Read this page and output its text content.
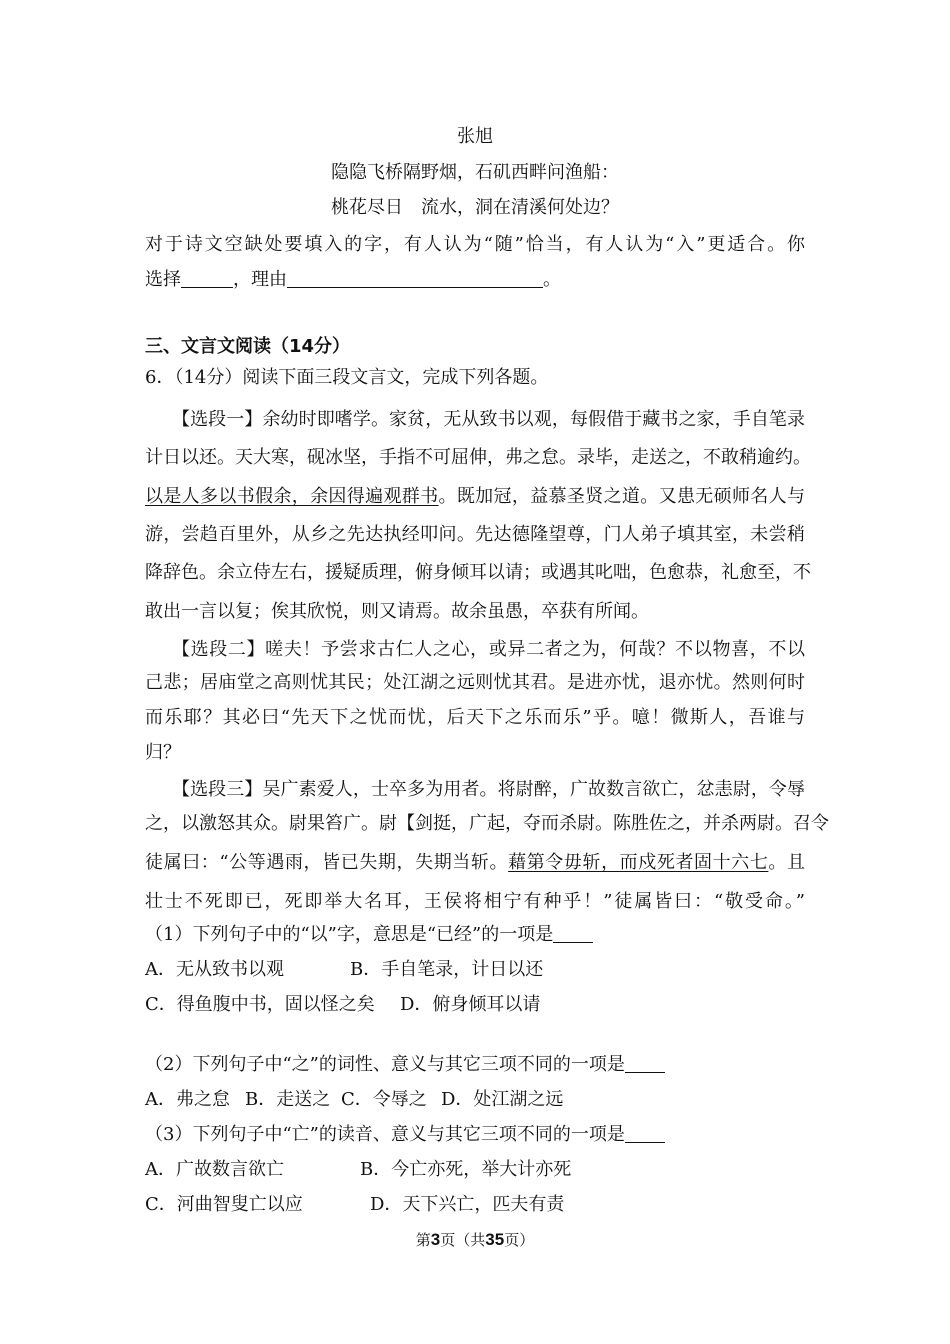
张旭
隐隐飞桥隔野烟，石矶西畔问渔船：
桃花尽日 流水，洞在清溪何处边？
对于诗文空缺处要填入的字，有人认为“随”恰当，有人认为“入”更适合。你
选择	，理由	。
三、文言文阅读（14分）
6．（14分）阅读下面三段文言文，完成下列各题。
【选段一】余幼时即嗜学。家贫，无从致书以观，每假借于藏书之家，手自笔录
计日以还。天大寒，砚冰坚，手指不可屈伸，弗之怠。录毕，走送之，不敢稍逾约。
以是人多以书假余，余因得遍观群书。既加冠，益慕圣贤之道。又患无硕师名人与
游，尝趋百里外，从乡之先达执经叩问。先达德隆望尊，门人弟子填其室，未尝稍
降辞色。余立侍左右，援疑质理，俯身倾耳以请；或遇其叱咄，色愈恭，礼愈至，不
敢出一言以复；俟其欣悦，则又请焉。故余虽愚，卒获有所闻。
【选段二】嗟夫！予尝求古仁人之心，或异二者之为，何哉？不以物喜，不以
己悲；居庙堂之高则忧其民；处江湖之远则忧其君。是进亦忧，退亦忧。然则何时
而乐耶？其必曰“先天下之忧而忧，后天下之乐而乐”乎。噫！微斯人，吾谁与
归？
【选段三】吴广素爱人，士卒多为用者。将尉醉，广故数言欲亡，忿恚尉，令辱
之，以激怒其众。尉果笞广。尉【剑挺，广起，夺而杀尉。陈胜佐之，并杀两尉。召令
徒属曰：“公等遇雨，皆已失期，失期当斩。藉第令毋斩，而戍死者固十六七。且
壮士不死即已，死即举大名耳，王侯将相宁有种乎！”徒属皆曰：“敬受命。”
（1）下列句子中的“以”字，意思是“已经”的一项是
A．无从致书以观	B．手自笔录，计日以还
C．得鱼腹中书，固以怪之矣 D．俯身倾耳以请
（2）下列句子中“之”的词性、意义与其它三项不同的一项是
A．弗之怠 B．走送之 C．令辱之 D．处江湖之远
（3）下列句子中“亡”的读音、意义与其它三项不同的一项是
A．广故数言欲亡	B．今亡亦死，举大计亦死
C．河曲智叟亡以应	D．天下兴亡，匹夫有责
第3页（共35页）
